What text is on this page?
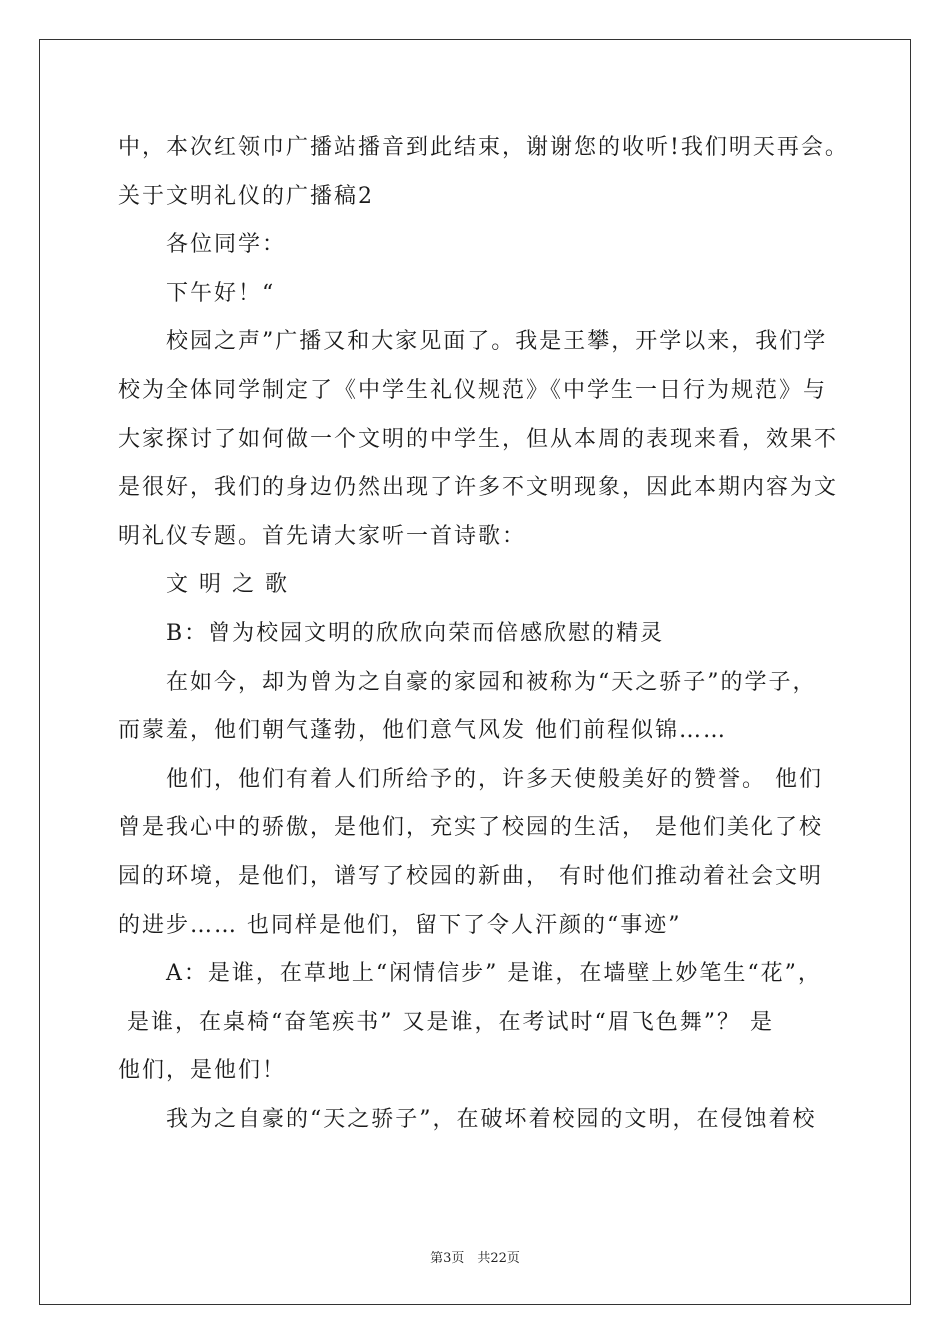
中，本次红领巾广播站播音到此结束，谢谢您的收听!我们明天再会。
关于文明礼仪的广播稿2
　　各位同学：
　　下午好！“
　　校园之声”广播又和大家见面了。我是王攀，开学以来，我们学
校为全体同学制定了《中学生礼仪规范》《中学生一日行为规范》与
大家探讨了如何做一个文明的中学生，但从本周的表现来看，效果不
是很好，我们的身边仍然出现了许多不文明现象，因此本期内容为文
明礼仪专题。首先请大家听一首诗歌：
　　文 明 之 歌
　　B：曾为校园文明的欣欣向荣而倍感欣慰的精灵
　　在如今，却为曾为之自豪的家园和被称为“天之骄子”的学子，
而蒙羞，他们朝气蓬勃，他们意气风发 他们前程似锦……
　　他们，他们有着人们所给予的，许多天使般美好的赞誉。 他们
曾是我心中的骄傲，是他们，充实了校园的生活， 是他们美化了校
园的环境，是他们，谱写了校园的新曲， 有时他们推动着社会文明
的进步…… 也同样是他们，留下了令人汗颜的“事迹”
　　A：是谁，在草地上“闲情信步” 是谁，在墙壁上妙笔生“花”，
是谁，在桌椅“奋笔疾书” 又是谁，在考试时“眉飞色舞”？ 是
他们，是他们！
　　我为之自豪的“天之骄子”，在破坏着校园的文明，在侵蚀着校
第3页　共22页
